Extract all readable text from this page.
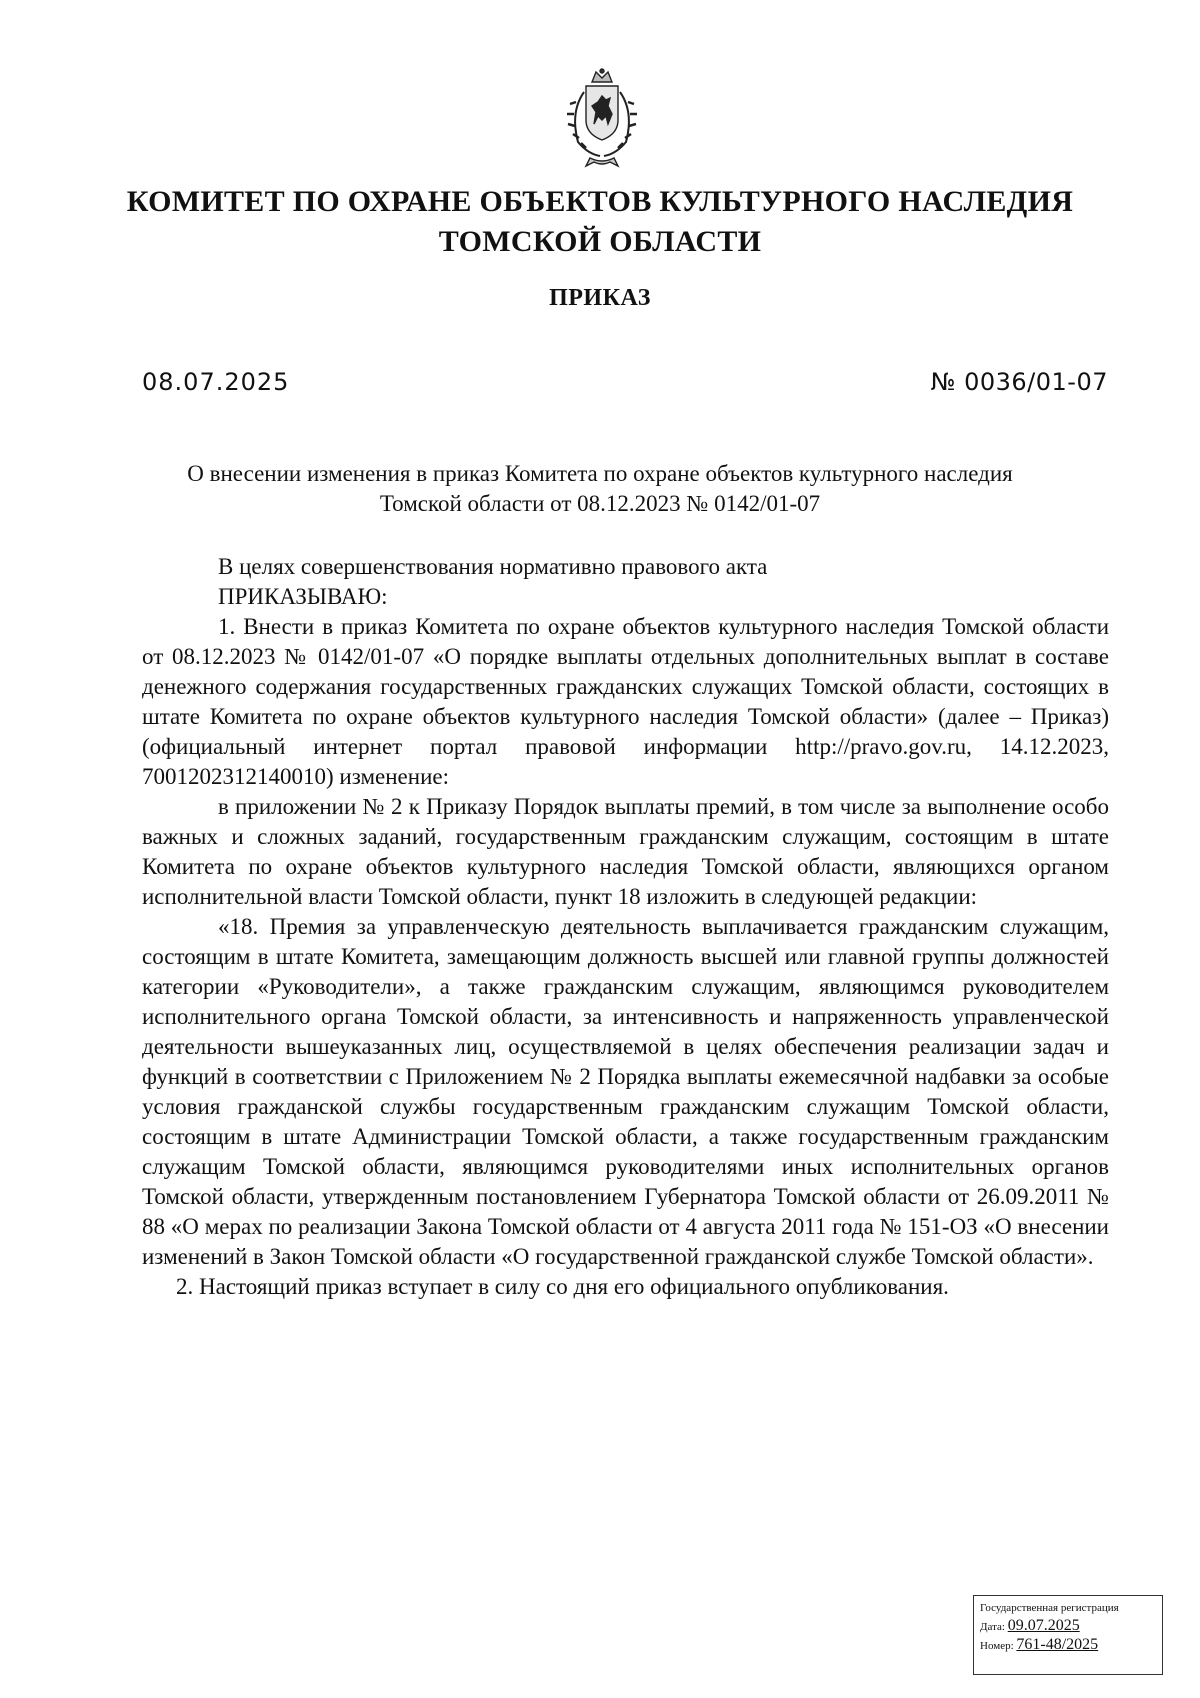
КОМИТЕТ ПО ОХРАНЕ ОБЪЕКТОВ КУЛЬТУРНОГО НАСЛЕДИЯ
ТОМСКОЙ ОБЛАСТИ
ПРИКАЗ
08.07.2025	№ 0036/01-07
О внесении изменения в приказ Комитета по охране объектов культурного наследия
Томской области от 08.12.2023 № 0142/01-07

В целях совершенствования нормативно правового акта

ПРИКАЗЫВАЮ:

1. Внести в приказ Комитета по охране объектов культурного наследия Томской области от 08.12.2023 № 0142/01-07 «О порядке выплаты отдельных дополнительных выплат в составе денежного содержания государственных гражданских служащих Томской области, состоящих в штате Комитета по охране объектов культурного наследия Томской области» (далее – Приказ) (официальный интернет портал правовой информации http://pravo.gov.ru, 14.12.2023, 7001202312140010) изменение:

в приложении № 2 к Приказу Порядок выплаты премий, в том числе за выполнение особо важных и сложных заданий, государственным гражданским служащим, состоящим в штате Комитета по охране объектов культурного наследия Томской области, являющихся органом исполнительной власти Томской области, пункт 18 изложить в следующей редакции:

«18. Премия за управленческую деятельность выплачивается гражданским служащим, состоящим в штате Комитета, замещающим должность высшей или главной группы должностей категории «Руководители», а также гражданским служащим, являющимся руководителем исполнительного органа Томской области, за интенсивность и напряженность управленческой деятельности вышеуказанных лиц, осуществляемой в целях обеспечения реализации задач и функций в соответствии с Приложением № 2 Порядка выплаты ежемесячной надбавки за особые условия гражданской службы государственным гражданским служащим Томской области, состоящим в штате Администрации Томской области, а также государственным гражданским служащим Томской области, являющимся руководителями иных исполнительных органов Томской области, утвержденным постановлением Губернатора Томской области от 26.09.2011 № 88 «О мерах по реализации Закона Томской области от 4 августа 2011 года № 151-ОЗ «О внесении изменений в Закон Томской области «О государственной гражданской службе Томской области».

2. Настоящий приказ вступает в силу со дня его официального опубликования.

Государственная регистрация
Дата: 09.07.2025
Номер: 761-48/2025
